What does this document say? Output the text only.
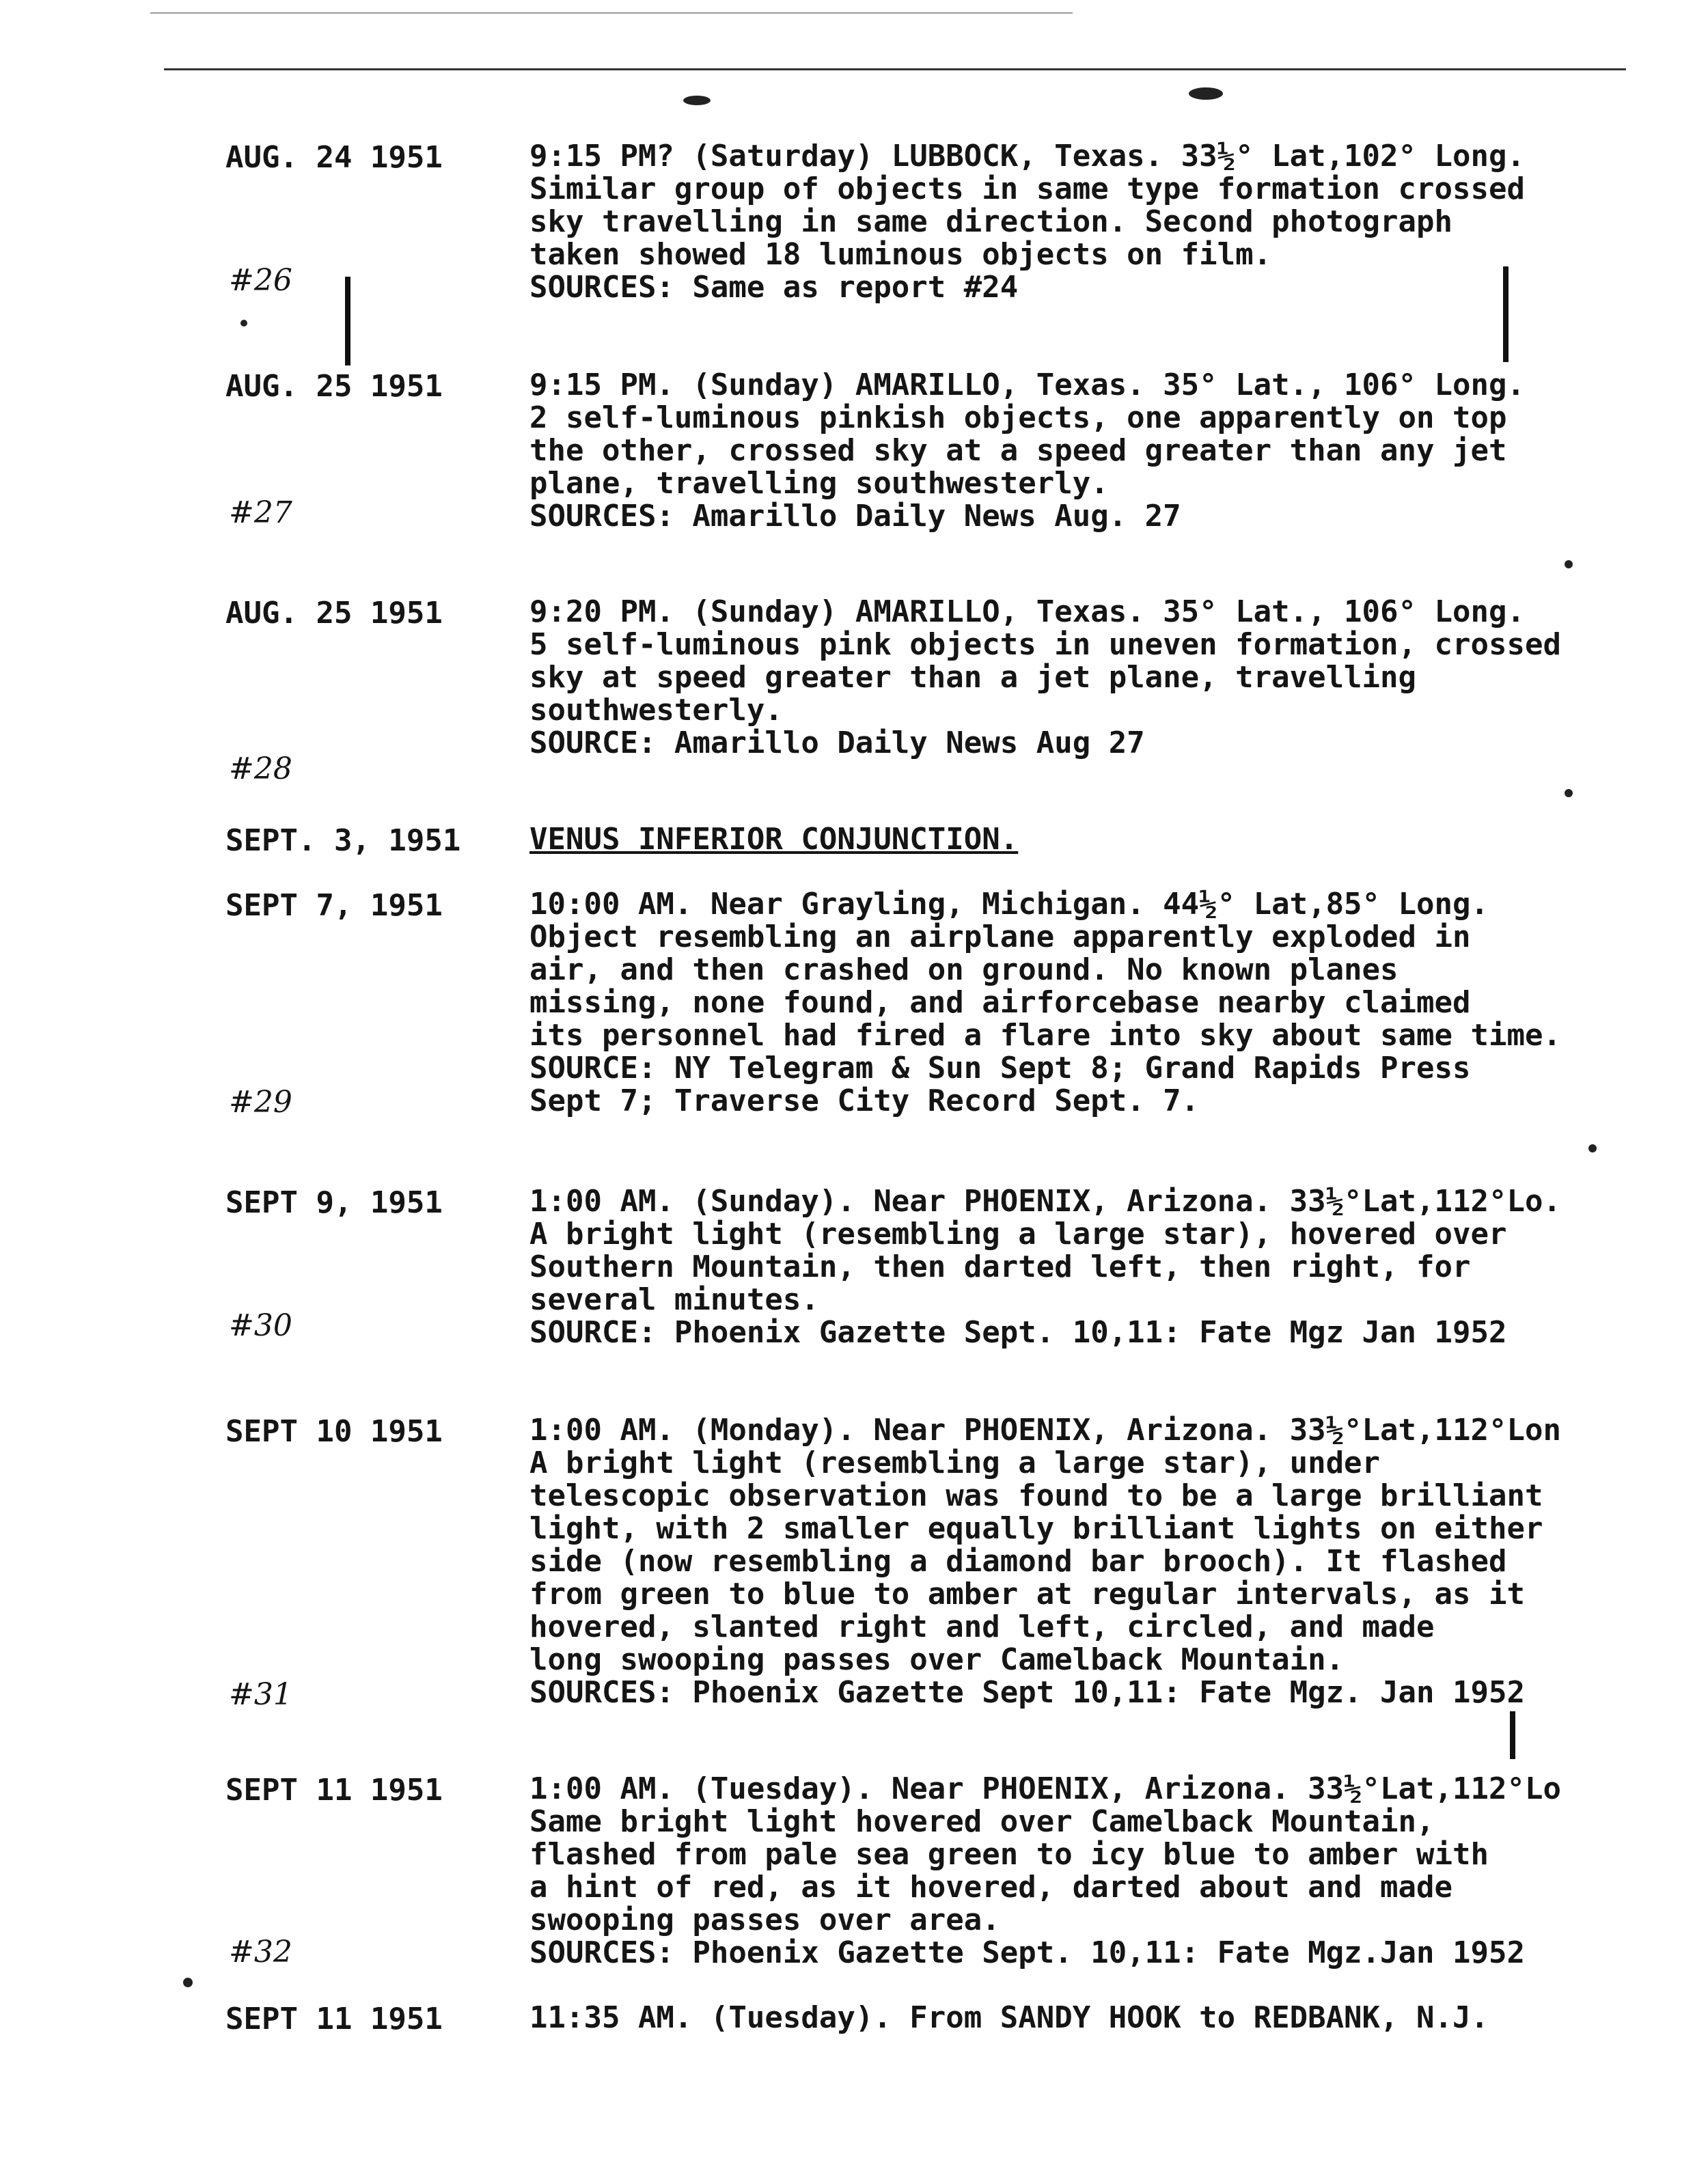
AUG. 24 1951	9:15 PM? (Saturday) LUBBOCK, Texas. 33½° Lat,102° Long.
Similar group of objects in same type formation crossed
sky travelling in same direction. Second photograph
taken showed 18 luminous objects on film.
SOURCES: Same as report #24
#26
AUG. 25 1951	9:15 PM. (Sunday) AMARILLO, Texas. 35° Lat., 106° Long.
2 self-luminous pinkish objects, one apparently on top
the other, crossed sky at a speed greater than any jet
plane, travelling southwesterly.
SOURCES: Amarillo Daily News Aug. 27
#27
AUG. 25 1951	9:20 PM. (Sunday) AMARILLO, Texas. 35° Lat., 106° Long.
5 self-luminous pink objects in uneven formation, crossed
sky at speed greater than a jet plane, travelling
southwesterly.
SOURCE: Amarillo Daily News Aug 27
#28
SEPT. 3, 1951	VENUS INFERIOR CONJUNCTION.
SEPT 7, 1951	10:00 AM. Near Grayling, Michigan. 44½° Lat,85° Long.
Object resembling an airplane apparently exploded in
air, and then crashed on ground. No known planes
missing, none found, and airforcebase nearby claimed
its personnel had fired a flare into sky about same time.
SOURCE: NY Telegram & Sun Sept 8; Grand Rapids Press
Sept 7; Traverse City Record Sept. 7.
#29
SEPT 9, 1951	1:00 AM. (Sunday). Near PHOENIX, Arizona. 33½°Lat,112°Lo.
A bright light (resembling a large star), hovered over
Southern Mountain, then darted left, then right, for
several minutes.
SOURCE: Phoenix Gazette Sept. 10,11: Fate Mgz Jan 1952
#30
SEPT 10 1951	1:00 AM. (Monday). Near PHOENIX, Arizona. 33½°Lat,112°Lon
A bright light (resembling a large star), under
telescopic observation was found to be a large brilliant
light, with 2 smaller equally brilliant lights on either
side (now resembling a diamond bar brooch). It flashed
from green to blue to amber at regular intervals, as it
hovered, slanted right and left, circled, and made
long swooping passes over Camelback Mountain.
SOURCES: Phoenix Gazette Sept 10,11: Fate Mgz. Jan 1952
#31
SEPT 11 1951	1:00 AM. (Tuesday). Near PHOENIX, Arizona. 33½°Lat,112°Lo
Same bright light hovered over Camelback Mountain,
flashed from pale sea green to icy blue to amber with
a hint of red, as it hovered, darted about and made
swooping passes over area.
SOURCES: Phoenix Gazette Sept. 10,11: Fate Mgz.Jan 1952
#32
SEPT 11 1951	11:35 AM. (Tuesday). From SANDY HOOK to REDBANK, N.J.
